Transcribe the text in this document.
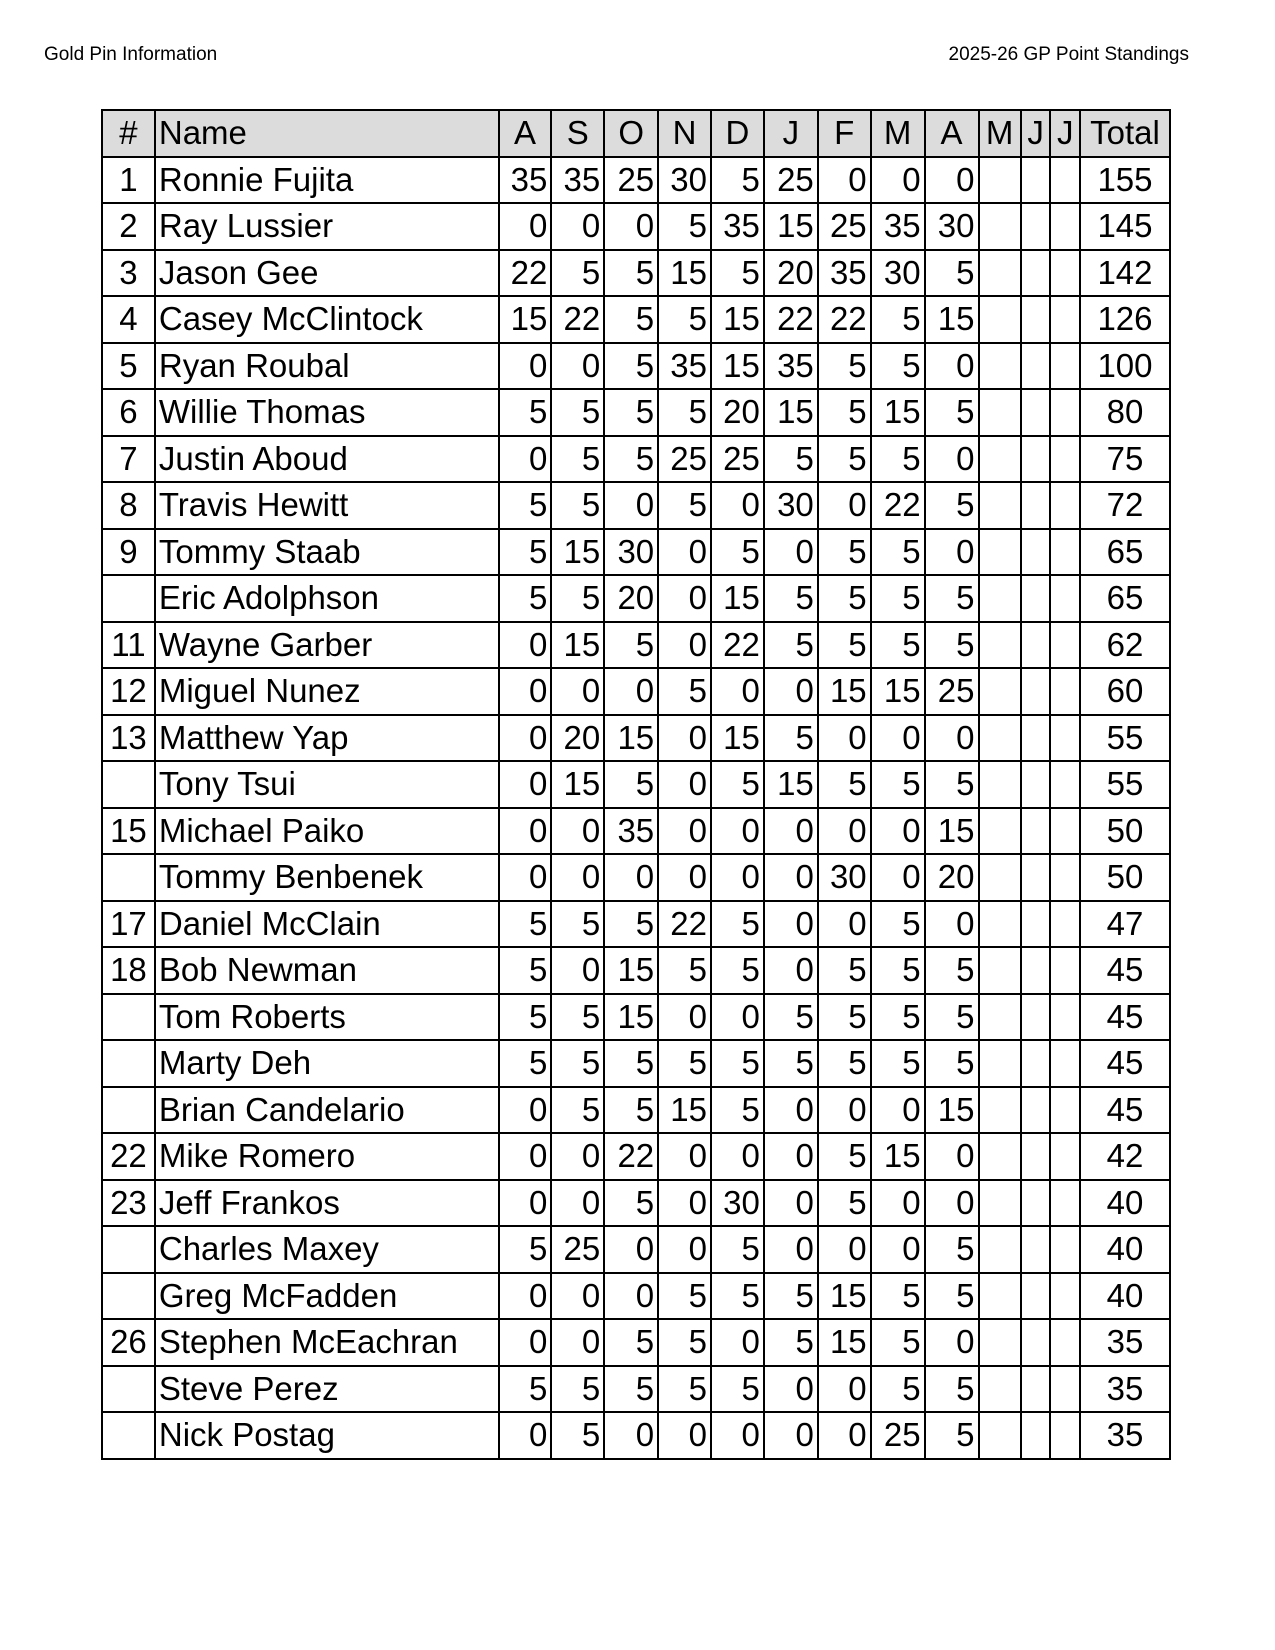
Gold Pin Information	2025-26 GP Point Standings
#	Name	A	S	O	N	D	J	F	M	A	M	J	J	Total
1	Ronnie Fujita	35	35	25	30	5	25	0	0	0				155
2	Ray Lussier	0	0	0	5	35	15	25	35	30				145
3	Jason Gee	22	5	5	15	5	20	35	30	5				142
4	Casey McClintock	15	22	5	5	15	22	22	5	15				126
5	Ryan Roubal	0	0	5	35	15	35	5	5	0				100
6	Willie Thomas	5	5	5	5	20	15	5	15	5				80
7	Justin Aboud	0	5	5	25	25	5	5	5	0				75
8	Travis Hewitt	5	5	0	5	0	30	0	22	5				72
9	Tommy Staab	5	15	30	0	5	0	5	5	0				65
	Eric Adolphson	5	5	20	0	15	5	5	5	5				65
11	Wayne Garber	0	15	5	0	22	5	5	5	5				62
12	Miguel Nunez	0	0	0	5	0	0	15	15	25				60
13	Matthew Yap	0	20	15	0	15	5	0	0	0				55
	Tony Tsui	0	15	5	0	5	15	5	5	5				55
15	Michael Paiko	0	0	35	0	0	0	0	0	15				50
	Tommy Benbenek	0	0	0	0	0	0	30	0	20				50
17	Daniel McClain	5	5	5	22	5	0	0	5	0				47
18	Bob Newman	5	0	15	5	5	0	5	5	5				45
	Tom Roberts	5	5	15	0	0	5	5	5	5				45
	Marty Deh	5	5	5	5	5	5	5	5	5				45
	Brian Candelario	0	5	5	15	5	0	0	0	15				45
22	Mike Romero	0	0	22	0	0	0	5	15	0				42
23	Jeff Frankos	0	0	5	0	30	0	5	0	0				40
	Charles Maxey	5	25	0	0	5	0	0	0	5				40
	Greg McFadden	0	0	0	5	5	5	15	5	5				40
26	Stephen McEachran	0	0	5	5	0	5	15	5	0				35
	Steve Perez	5	5	5	5	5	0	0	5	5				35
	Nick Postag	0	5	0	0	0	0	0	25	5				35
